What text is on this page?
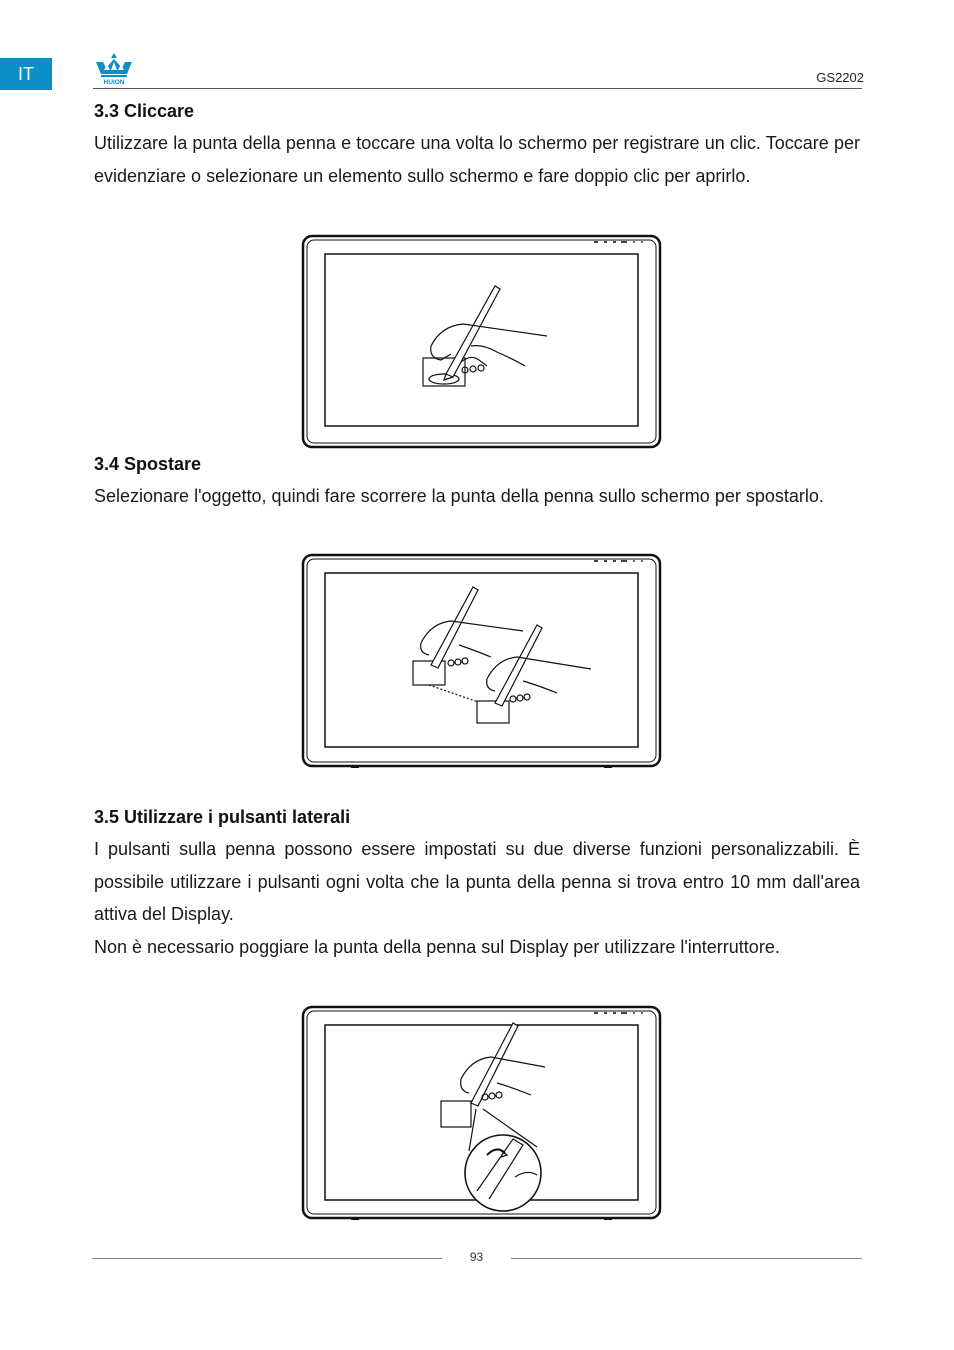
IT	HUION	GS2202
3.3 Cliccare

Utilizzare la punta della penna e toccare una volta lo schermo per registrare un clic. Toccare per evidenziare o selezionare un elemento sullo schermo e fare doppio clic per aprirlo.

3.4 Spostare

Selezionare l'oggetto, quindi fare scorrere la punta della penna sullo schermo per spostarlo.

3.5 Utilizzare i pulsanti laterali

I pulsanti sulla penna possono essere impostati su due diverse funzioni personalizzabili. È possibile utilizzare i pulsanti ogni volta che la punta della penna si trova entro 10 mm dall'area attiva del Display.

Non è necessario poggiare la punta della penna sul Display per utilizzare l'interruttore.

93
